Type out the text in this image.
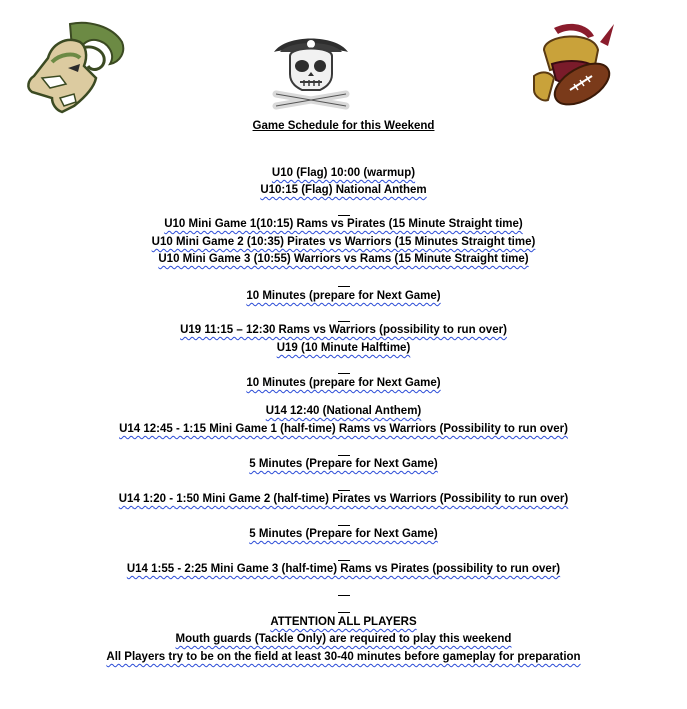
Game Schedule for this Weekend
U10 (Flag) 10:00 (warmup)
U10:15 (Flag) National Anthem
U10 Mini Game 1(10:15) Rams vs Pirates (15 Minute Straight time)
U10 Mini Game 2 (10:35) Pirates vs Warriors (15 Minutes Straight time)
U10 Mini Game 3 (10:55) Warriors vs Rams (15 Minute Straight time)
10 Minutes (prepare for Next Game)
U19 11:15 – 12:30 Rams vs Warriors (possibility to run over)
U19 (10 Minute Halftime)
10 Minutes (prepare for Next Game)
U14 12:40 (National Anthem)
U14 12:45 - 1:15 Mini Game 1 (half-time) Rams vs Warriors (Possibility to run over)
5 Minutes (Prepare for Next Game)
U14 1:20 - 1:50 Mini Game 2 (half-time) Pirates vs Warriors (Possibility to run over)
5 Minutes (Prepare for Next Game)
U14 1:55 - 2:25 Mini Game 3 (half-time) Rams vs Pirates (possibility to run over)
ATTENTION ALL PLAYERS
Mouth guards (Tackle Only) are required to play this weekend
All Players try to be on the field at least 30-40 minutes before gameplay for preparation
